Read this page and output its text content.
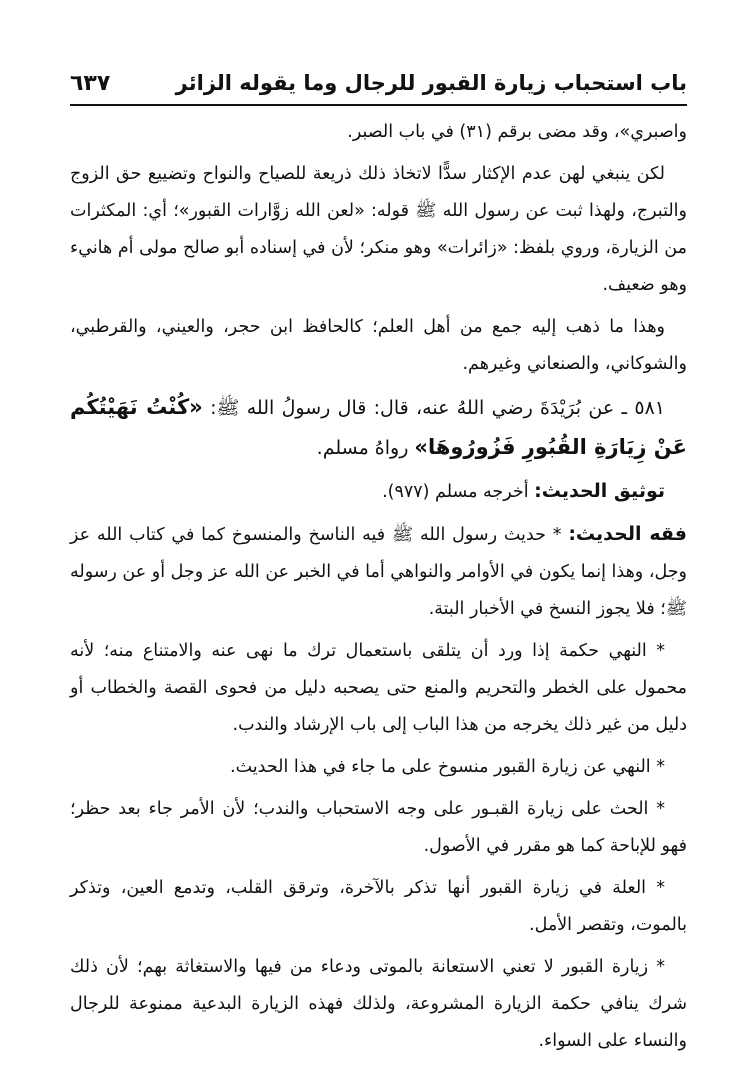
باب استحباب زيارة القبور للرجال وما يقوله الزائر
٦٣٧

واصبري»، وقد مضى برقم (٣١) في باب الصبر.

لكن ينبغي لهن عدم الإكثار سدًّا لاتخاذ ذلك ذريعة للصياح والنواح وتضييع حق الزوج والتبرج، ولهذا ثبت عن رسول الله ﷺ قوله: «لعن الله زوَّارات القبور»؛ أي: المكثرات من الزيارة، وروي بلفظ: «زائرات» وهو منكر؛ لأن في إسناده أبو صالح مولى أم هانيء وهو ضعيف.

وهذا ما ذهب إليه جمع من أهل العلم؛ كالحافظ ابن حجر، والعيني، والقرطبي، والشوكاني، والصنعاني وغيرهم.

٥٨١ ـ عن بُرَيْدَةَ رضي اللهُ عنه، قال: قال رسولُ الله ﷺ: «كُنْتُ نَهَيْتُكُم عَنْ زِيَارَةِ القُبُورِ فَزُورُوهَا» رواهُ مسلم.

توثيق الحديث: أخرجه مسلم (٩٧٧).

فقه الحديث: * حديث رسول الله ﷺ فيه الناسخ والمنسوخ كما في كتاب الله عز وجل، وهذا إنما يكون في الأوامر والنواهي أما في الخبر عن الله عز وجل أو عن رسوله ﷺ؛ فلا يجوز النسخ في الأخبار البتة.

* النهي حكمة إذا ورد أن يتلقى باستعمال ترك ما نهى عنه والامتناع منه؛ لأنه محمول على الخطر والتحريم والمنع حتى يصحبه دليل من فحوى القصة والخطاب أو دليل من غير ذلك يخرجه من هذا الباب إلى باب الإرشاد والندب.

* النهي عن زيارة القبور منسوخ على ما جاء في هذا الحديث.

* الحث على زيارة القبـور على وجه الاستحباب والندب؛ لأن الأمر جاء بعد حظر؛ فهو للإباحة كما هو مقرر في الأصول.

* العلة في زيارة القبور أنها تذكر بالآخرة، وترقق القلب، وتدمع العين، وتذكر بالموت، وتقصر الأمل.

* زيارة القبور لا تعني الاستعانة بالموتى ودعاء من فيها والاستغاثة بهم؛ لأن ذلك شرك ينافي حكمة الزيارة المشروعة، ولذلك فهذه الزيارة البدعية ممنوعة للرجال والنساء على السواء.
